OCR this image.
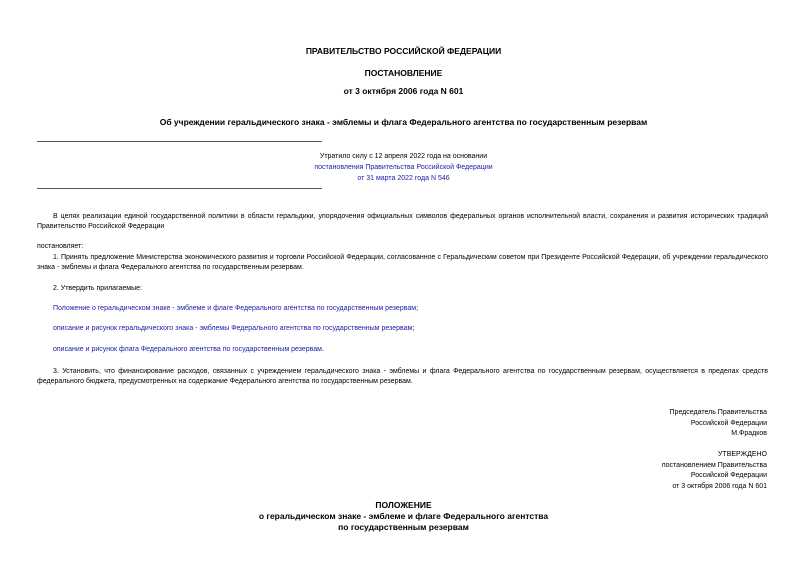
ПРАВИТЕЛЬСТВО РОССИЙСКОЙ ФЕДЕРАЦИИ
ПОСТАНОВЛЕНИЕ
от 3 октября 2006 года N 601
Об учреждении геральдического знака - эмблемы и флага Федерального агентства по государственным резервам
Утратило силу с 12 апреля 2022 года на основании
постановления Правительства Российской Федерации
от 31 марта 2022 года N 546
В целях реализации единой государственной политики в области геральдики, упорядочения официальных символов федеральных органов исполнительной власти, сохранения и развития исторических традиций Правительство Российской Федерации
постановляет:
1. Принять предложение Министерства экономического развития и торговли Российской Федерации, согласованное с Геральдическим советом при Президенте Российской Федерации, об учреждении геральдического знака - эмблемы и флага Федерального агентства по государственным резервам.
2. Утвердить прилагаемые:
Положение о геральдическом знаке - эмблеме и флаге Федерального агентства по государственным резервам;
описание и рисунок геральдического знака - эмблемы Федерального агентства по государственным резервам;
описание и рисунок флага Федерального агентства по государственным резервам.
3. Установить, что финансирование расходов, связанных с учреждением геральдического знака - эмблемы и флага Федерального агентства по государственным резервам, осуществляется в пределах средств федерального бюджета, предусмотренных на содержание Федерального агентства по государственным резервам.
Председатель Правительства
Российской Федерации
М.Фрадков
УТВЕРЖДЕНО
постановлением Правительства
Российской Федерации
от 3 октября 2006 года N 601
ПОЛОЖЕНИЕ
о геральдическом знаке - эмблеме и флаге Федерального агентства
по государственным резервам
